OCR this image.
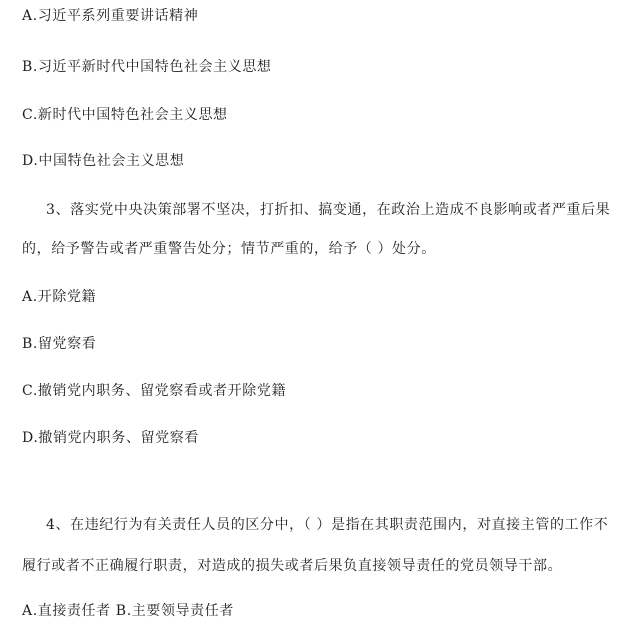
A.习近平系列重要讲话精神
B.习近平新时代中国特色社会主义思想
C.新时代中国特色社会主义思想
D.中国特色社会主义思想
3、落实党中央决策部署不坚决，打折扣、搞变通，在政治上造成不良影响或者严重后果
的，给予警告或者严重警告处分；情节严重的，给予（ ）处分。
A.开除党籍
B.留党察看
C.撤销党内职务、留党察看或者开除党籍
D.撤销党内职务、留党察看
4、在违纪行为有关责任人员的区分中，（ ）是指在其职责范围内，对直接主管的工作不
履行或者不正确履行职责，对造成的损失或者后果负直接领导责任的党员领导干部。
A.直接责任者 B.主要领导责任者
